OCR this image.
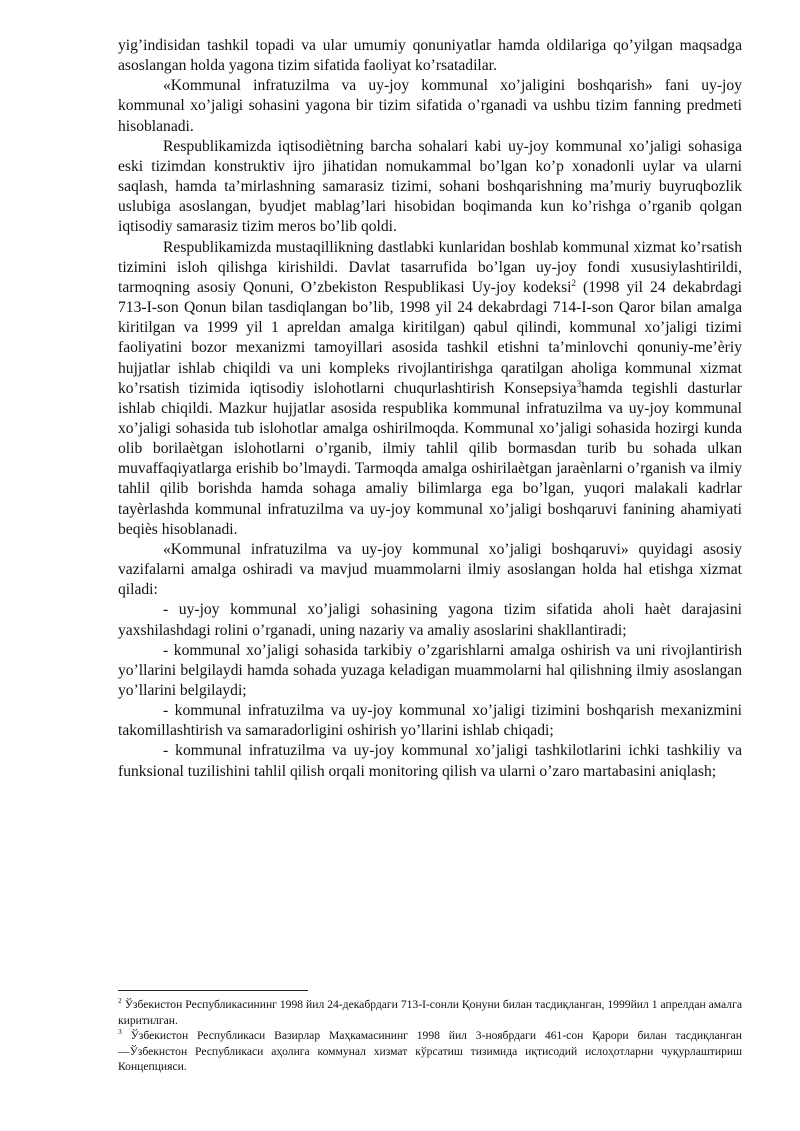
yig’indisidan tashkil topadi va ular umumiy qonuniyatlar hamda oldilariga qo’yilgan maqsadga asoslangan holda yagona tizim sifatida faoliyat ko’rsatadilar.

«Kommunal infratuzilma va uy-joy kommunal xo’jaligini boshqarish» fani uy-joy kommunal xo’jaligi sohasini yagona bir tizim sifatida o’rganadi va ushbu tizim fanning predmeti hisoblanadi.

Respublikamizda iqtisodiètning barcha sohalari kabi uy-joy kommunal xo’jaligi sohasiga eski tizimdan konstruktiv ijro jihatidan nomukammal bo’lgan ko’p xonadonli uylar va ularni saqlash, hamda ta’mirlashning samarasiz tizimi, sohani boshqarishning ma’muriy buyruqbozlik uslubiga asoslangan, byudjet mablag’lari hisobidan boqimanda kun ko’rishga o’rganib qolgan iqtisodiy samarasiz tizim meros bo’lib qoldi.

Respublikamizda mustaqillikning dastlabki kunlaridan boshlab kommunal xizmat ko’rsatish tizimini isloh qilishga kirishildi. Davlat tasarrufida bo’lgan uy-joy fondi xususiylashtirildi, tarmoqning asosiy Qonuni, O’zbekiston Respublikasi Uy-joy kodeksi$^2$ (1998 yil 24 dekabrdagi 713-I-son Qonun bilan tasdiqlangan bo’lib, 1998 yil 24 dekabrdagi 714-I-son Qaror bilan amalga kiritilgan va 1999 yil 1 apreldan amalga kiritilgan) qabul qilindi, kommunal xo’jaligi tizimi faoliyatini bozor mexanizmi tamoyillari asosida tashkil etishni ta’minlovchi qonuniy-me’èriy hujjatlar ishlab chiqildi va uni kompleks rivojlantirishga qaratilgan aholiga kommunal xizmat ko’rsatish tizimida iqtisodiy islohotlarni chuqurlashtirish Konsepsiya$^3$hamda tegishli dasturlar ishlab chiqildi. Mazkur hujjatlar asosida respublika kommunal infratuzilma va uy-joy kommunal xo’jaligi sohasida tub islohotlar amalga oshirilmoqda. Kommunal xo’jaligi sohasida hozirgi kunda olib borilaètgan islohotlarni o’rganib, ilmiy tahlil qilib bormasdan turib bu sohada ulkan muvaffaqiyatlarga erishib bo’lmaydi. Tarmoqda amalga oshirilaètgan jaraènlarni o’rganish va ilmiy tahlil qilib borishda hamda sohaga amaliy bilimlarga ega bo’lgan, yuqori malakali kadrlar tayèrlashda kommunal infratuzilma va uy-joy kommunal xo’jaligi boshqaruvi fanining ahamiyati beqiès hisoblanadi.

«Kommunal infratuzilma va uy-joy kommunal xo’jaligi boshqaruvi» quyidagi asosiy vazifalarni amalga oshiradi va mavjud muammolarni ilmiy asoslangan holda hal etishga xizmat qiladi:

- uy-joy kommunal xo’jaligi sohasining yagona tizim sifatida aholi haèt darajasini yaxshilashdagi rolini o’rganadi, uning nazariy va amaliy asoslarini shakllantiradi;

- kommunal xo’jaligi sohasida tarkibiy o’zgarishlarni amalga oshirish va uni rivojlantirish yo’llarini belgilaydi hamda sohada yuzaga keladigan muammolarni hal qilishning ilmiy asoslangan yo’llarini belgilaydi;

- kommunal infratuzilma va uy-joy kommunal xo’jaligi tizimini boshqarish mexanizmini takomillashtirish va samaradorligini oshirish yo’llarini ishlab chiqadi;

- kommunal infratuzilma va uy-joy kommunal xo’jaligi tashkilotlarini ichki tashkiliy va funksional tuzilishini tahlil qilish orqali monitoring qilish va ularni o’zaro martabasini aniqlash;

$^2$ Ўзбекистон Республикасининг 1998 йил 24-декабрдаги 713-I-сонли Қонуни билан тасдиқланган, 1999йил 1 апрелдан амалга киритилган.

$^3$ Ўзбекистон Республикаси Вазирлар Маҳкамасининг 1998 йил 3-ноябрдаги 461-сон Қарори билан тасдиқланган ―Ўзбекнстон Республикаси аҳолига коммунал хизмат кўрсатиш тизимида иқтисодий ислоҳотларни чуқурлаштириш Концепцияси.
